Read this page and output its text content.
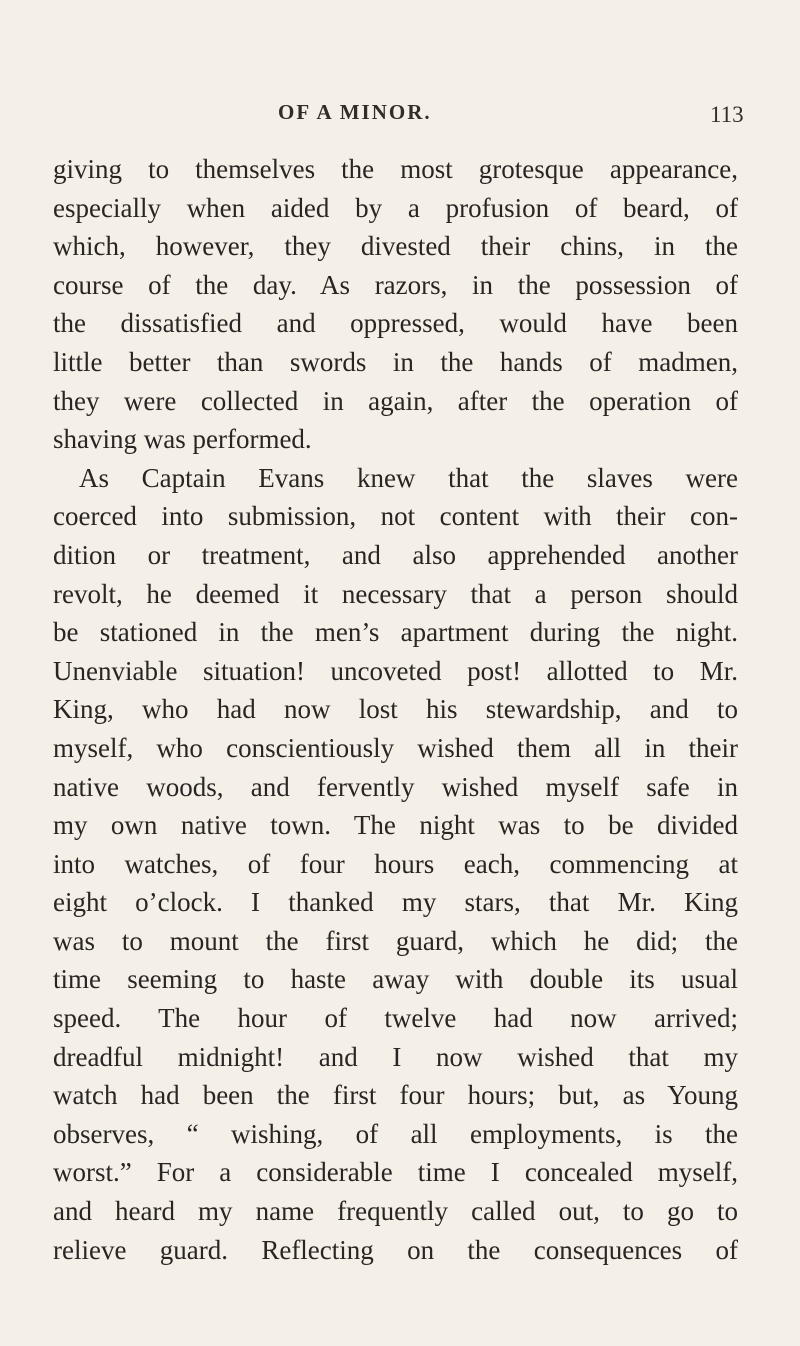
OF A MINOR.	113
giving to themselves the most grotesque appearance,
especially when aided by a profusion of beard, of
which, however, they divested their chins, in the
course of the day. As razors, in the possession of
the dissatisfied and oppressed, would have been
little better than swords in the hands of madmen,
they were collected in again, after the operation of
shaving was performed.
As Captain Evans knew that the slaves were
coerced into submission, not content with their con-
dition or treatment, and also apprehended another
revolt, he deemed it necessary that a person should
be stationed in the men’s apartment during the night.
Unenviable situation! uncoveted post! allotted to Mr.
King, who had now lost his stewardship, and to
myself, who conscientiously wished them all in their
native woods, and fervently wished myself safe in
my own native town. The night was to be divided
into watches, of four hours each, commencing at
eight o’clock. I thanked my stars, that Mr. King
was to mount the first guard, which he did; the
time seeming to haste away with double its usual
speed. The hour of twelve had now arrived;
dreadful midnight! and I now wished that my
watch had been the first four hours; but, as Young
observes, “ wishing, of all employments, is the
worst.” For a considerable time I concealed myself,
and heard my name frequently called out, to go to
relieve guard. Reflecting on the consequences of
